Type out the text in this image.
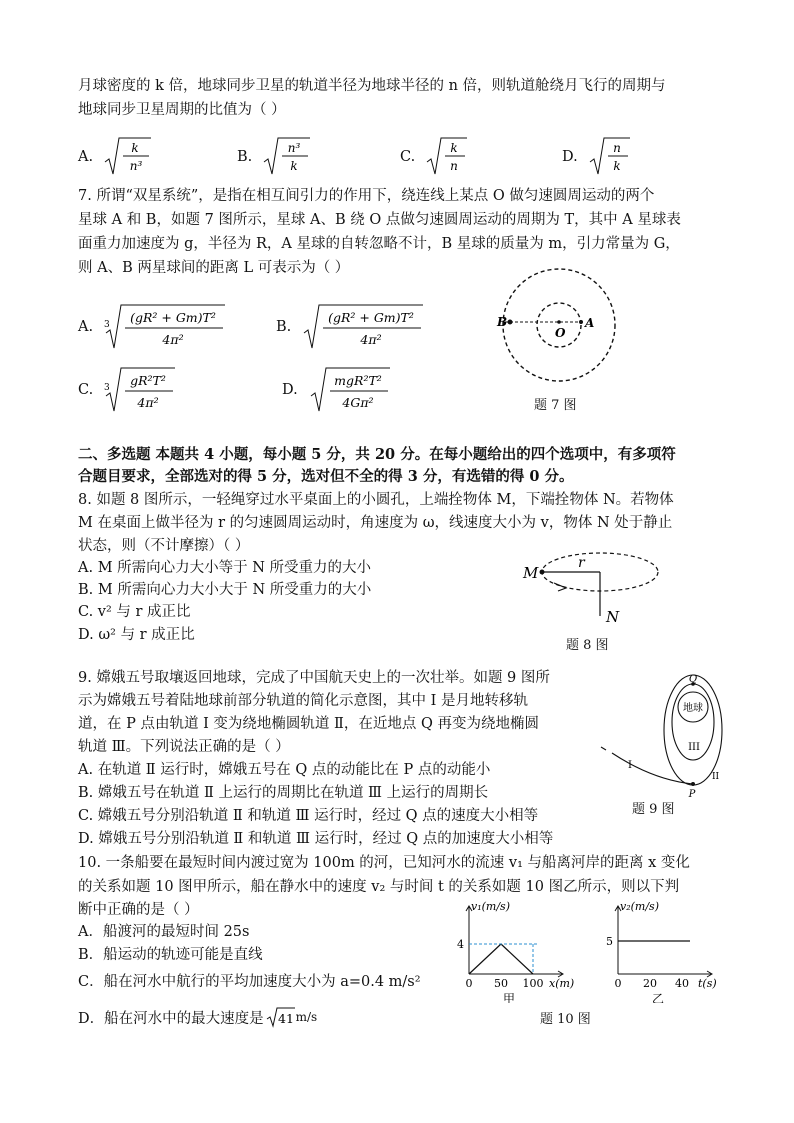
月球密度的 k 倍，地球同步卫星的轨道半径为地球半径的 n 倍，则轨道舱绕月飞行的周期与
地球同步卫星周期的比值为（ ）
A.
k
n³
B.
n³
k
C.
k
n
D.
n
k
7. 所谓“双星系统”，是指在相互间引力的作用下，绕连线上某点 O 做匀速圆周运动的两个
星球 A 和 B，如题 7 图所示，星球 A、B 绕 O 点做匀速圆周运动的周期为 T，其中 A 星球表
面重力加速度为 g，半径为 R，A 星球的自转忽略不计，B 星球的质量为 m，引力常量为 G，
则 A、B 两星球间的距离 L 可表示为（ ）
A. 3 (gR² + Gm)T²
4π²
B.
(gR² + Gm)T²
4π²
C. 3 gR²T²
4π²
D.
mgR²T²
4Gπ²
B
O
A
题 7 图
二、多选题 本题共 4 小题，每小题 5 分，共 20 分。在每小题给出的四个选项中，有多项符
合题目要求，全部选对的得 5 分，选对但不全的得 3 分，有选错的得 0 分。
8. 如题 8 图所示，一轻绳穿过水平桌面上的小圆孔，上端拴物体 M，下端拴物体 N。若物体
M 在桌面上做半径为 r 的匀速圆周运动时，角速度为 ω，线速度大小为 v，物体 N 处于静止
状态，则（不计摩擦）（ ）
A. M 所需向心力大小等于 N 所受重力的大小
B. M 所需向心力大小大于 N 所受重力的大小
C. v² 与 r 成正比
D. ω² 与 r 成正比
M
r
N
题 8 图
9. 嫦娥五号取壤返回地球，完成了中国航天史上的一次壮举。如题 9 图所
示为嫦娥五号着陆地球前部分轨道的简化示意图，其中 I 是月地转移轨
道，在 P 点由轨道 I 变为绕地椭圆轨道 Ⅱ，在近地点 Q 再变为绕地椭圆
轨道 Ⅲ。下列说法正确的是（ ）
A. 在轨道 Ⅱ 运行时，嫦娥五号在 Q 点的动能比在 P 点的动能小
B. 嫦娥五号在轨道 Ⅱ 上运行的周期比在轨道 Ⅲ 上运行的周期长
C. 嫦娥五号分别沿轨道 Ⅱ 和轨道 Ⅲ 运行时，经过 Q 点的速度大小相等
D. 嫦娥五号分别沿轨道 Ⅱ 和轨道 Ⅲ 运行时，经过 Q 点的加速度大小相等
Q
地球
III
I
P
II
题 9 图
10. 一条船要在最短时间内渡过宽为 100m 的河，已知河水的流速 v₁ 与船离河岸的距离 x 变化
的关系如题 10 图甲所示，船在静水中的速度 v₂ 与时间 t 的关系如题 10 图乙所示，则以下判
断中正确的是（ ）
A．船渡河的最短时间 25s
B．船运动的轨迹可能是直线
C．船在河水中航行的平均加速度大小为 a=0.4 m/s²
D．船在河水中的最大速度是 41 m/s
v₁(m/s)
x(m)
0 50 100
4
甲
v₂(m/s)
t(s)
0 20 40
5
乙
题 10 图
